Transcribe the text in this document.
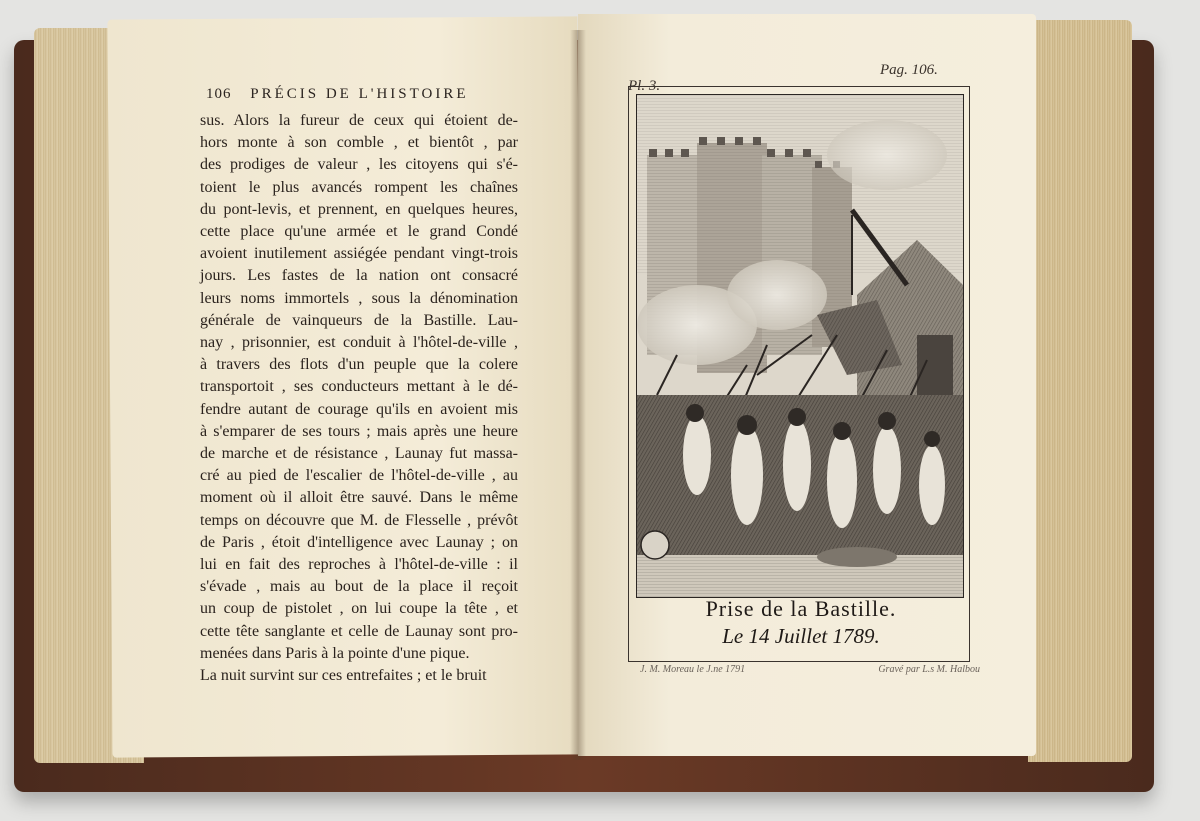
106 PRÉCIS DE L'HISTOIRE
sus. Alors la fureur de ceux qui étoient de-
hors monte à son comble , et bientôt , par
des prodiges de valeur , les citoyens qui s'é-
toient le plus avancés rompent les chaînes
du pont-levis, et prennent, en quelques heures,
cette place qu'une armée et le grand Condé
avoient inutilement assiégée pendant vingt-trois
jours. Les fastes de la nation ont consacré
leurs noms immortels , sous la dénomination
générale de vainqueurs de la Bastille. Lau-
nay , prisonnier, est conduit à l'hôtel-de-ville ,
à travers des flots d'un peuple que la colere
transportoit , ses conducteurs mettant à le dé-
fendre autant de courage qu'ils en avoient mis
à s'emparer de ses tours ; mais après une heure
de marche et de résistance , Launay fut massa-
cré au pied de l'escalier de l'hôtel-de-ville , au
moment où il alloit être sauvé. Dans le même
temps on découvre que M. de Flesselle , prévôt
de Paris , étoit d'intelligence avec Launay ; on
lui en fait des reproches à l'hôtel-de-ville : il
s'évade , mais au bout de la place il reçoit
un coup de pistolet , on lui coupe la tête , et
cette tête sanglante et celle de Launay sont pro-
menées dans Paris à la pointe d'une pique.
La nuit survint sur ces entrefaites ; et le bruit
Pl. 3.
Pag. 106.
Prise de la Bastille.
Le 14 Juillet 1789.
J. M. Moreau le J.ne 1791	Gravé par L.s M. Halbou
